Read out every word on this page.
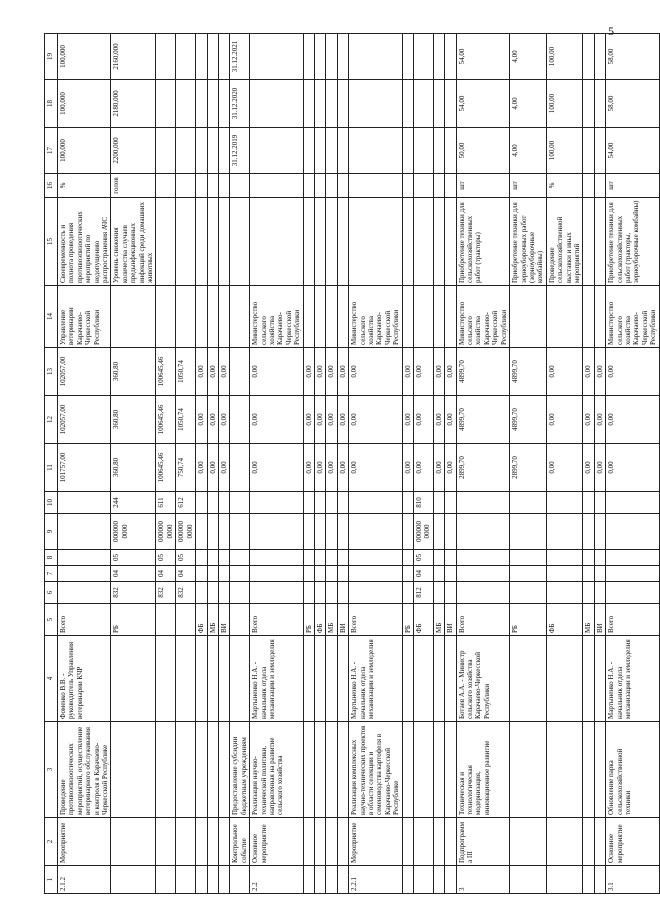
5
1	2	3	4	5	6	7	8	9	10	11	12	13	14	15	16	17	18	19
2.1.2	Мероприятие	Проведение противоэпизоотических мероприятий, осуществление ветеринарного обслуживания и контроля в Карачаево-Черкесской Республике	Фоменко В.В. - руководитель Управления ветеринарии КЧР	Всего						101757,00	102057,00	102057,00	Управление ветеринарии Карачаево-Черкесской Республики	Своевременность и полнота проведения противоэпизоотических мероприятий по недопущению распространения АЧС	%	100,000	100,000	100,000
				РБ	832	04	05	000000 0000	244	360,80	360,80	360,80		Уровень снижения количества случаев предынфекционных инфекций среди домашних животных	голов	2200,000	2180,000	2160,000
					832	04	05	000000 0000	611	100645,46	100645,46	100645,46						
					832	04	05	000000 0000	612	750,74	1050,74	1050,74						
				ФБ						0,00	0,00	0,00						
				МБ						0,00	0,00	0,00						
				ВИ						0,00	0,00	0,00						
	Контрольное событие	Предоставление субсидии бюджетным учреждениям														31.12.2019	31.12.2020	31.12.2021
2.2	Основное мероприятие	Реализация научно-технической политики, направленная на развитие сельского хозяйства	Мартыненко Н.А. - начальник отдела механизации и земледелия	Всего						0,00	0,00	0,00	Министерство сельского хозяйства Карачаево-Черкесской Республики					
				РБ						0,00	0,00	0,00						
				ФБ						0,00	0,00	0,00						
				МБ						0,00	0,00	0,00						
				ВИ						0,00	0,00	0,00						
2.2.1	Мероприятие	Реализация комплексных научно-технических проектов в области селекции и семеноводства картофеля в Карачаево-Черкесской Республике	Мартыненко Н.А. - начальник отдела механизации и земледелия	Всего						0,00	0,00	0,00	Министерство сельского хозяйства Карачаево-Черкесской Республики					
				РБ						0,00	0,00	0,00						
				ФБ	812	04	05	000000 0000	810	0,00	0,00	0,00						
				МБ						0,00	0,00	0,00						
				ВИ						0,00	0,00	0,00						
3	Подпрограмма III	Техническая и технологическая модернизация, инновационное развитие	Ботаев А.А. - Министр сельского хозяйства Карачаево-Черкесской Республики	Всего						2899,70	4899,70	4899,70	Министерство сельского хозяйства Карачаево-Черкесской Республики	Приобретение техники для сельскохозяйственных работ (тракторы)	шт	50,00	54,00	54,00
				РБ						2899,70	4899,70	4899,70		Приобретение техники для зерноуборочных работ (зерноуборочные комбайны)	шт	4,00	4,00	4,00
				ФБ						0,00	0,00	0,00		Проведение сельскохозяйственной выставки и иных мероприятий	%	100,00	100,00	100,00
				МБ						0,00	0,00	0,00						
				ВИ						0,00	0,00	0,00						
3.1	Основное мероприятие	Обновление парка сельскохозяйственной техники	Мартыненко Н.А. - начальник отдела механизации и земледелия	Всего						0,00	0,00	0,00	Министерство сельского хозяйства Карачаево-Черкесской Республики	Приобретение техники для сельскохозяйственных работ (тракторы, зерноуборочные комбайны)	шт	54,00	58,00	58,00
